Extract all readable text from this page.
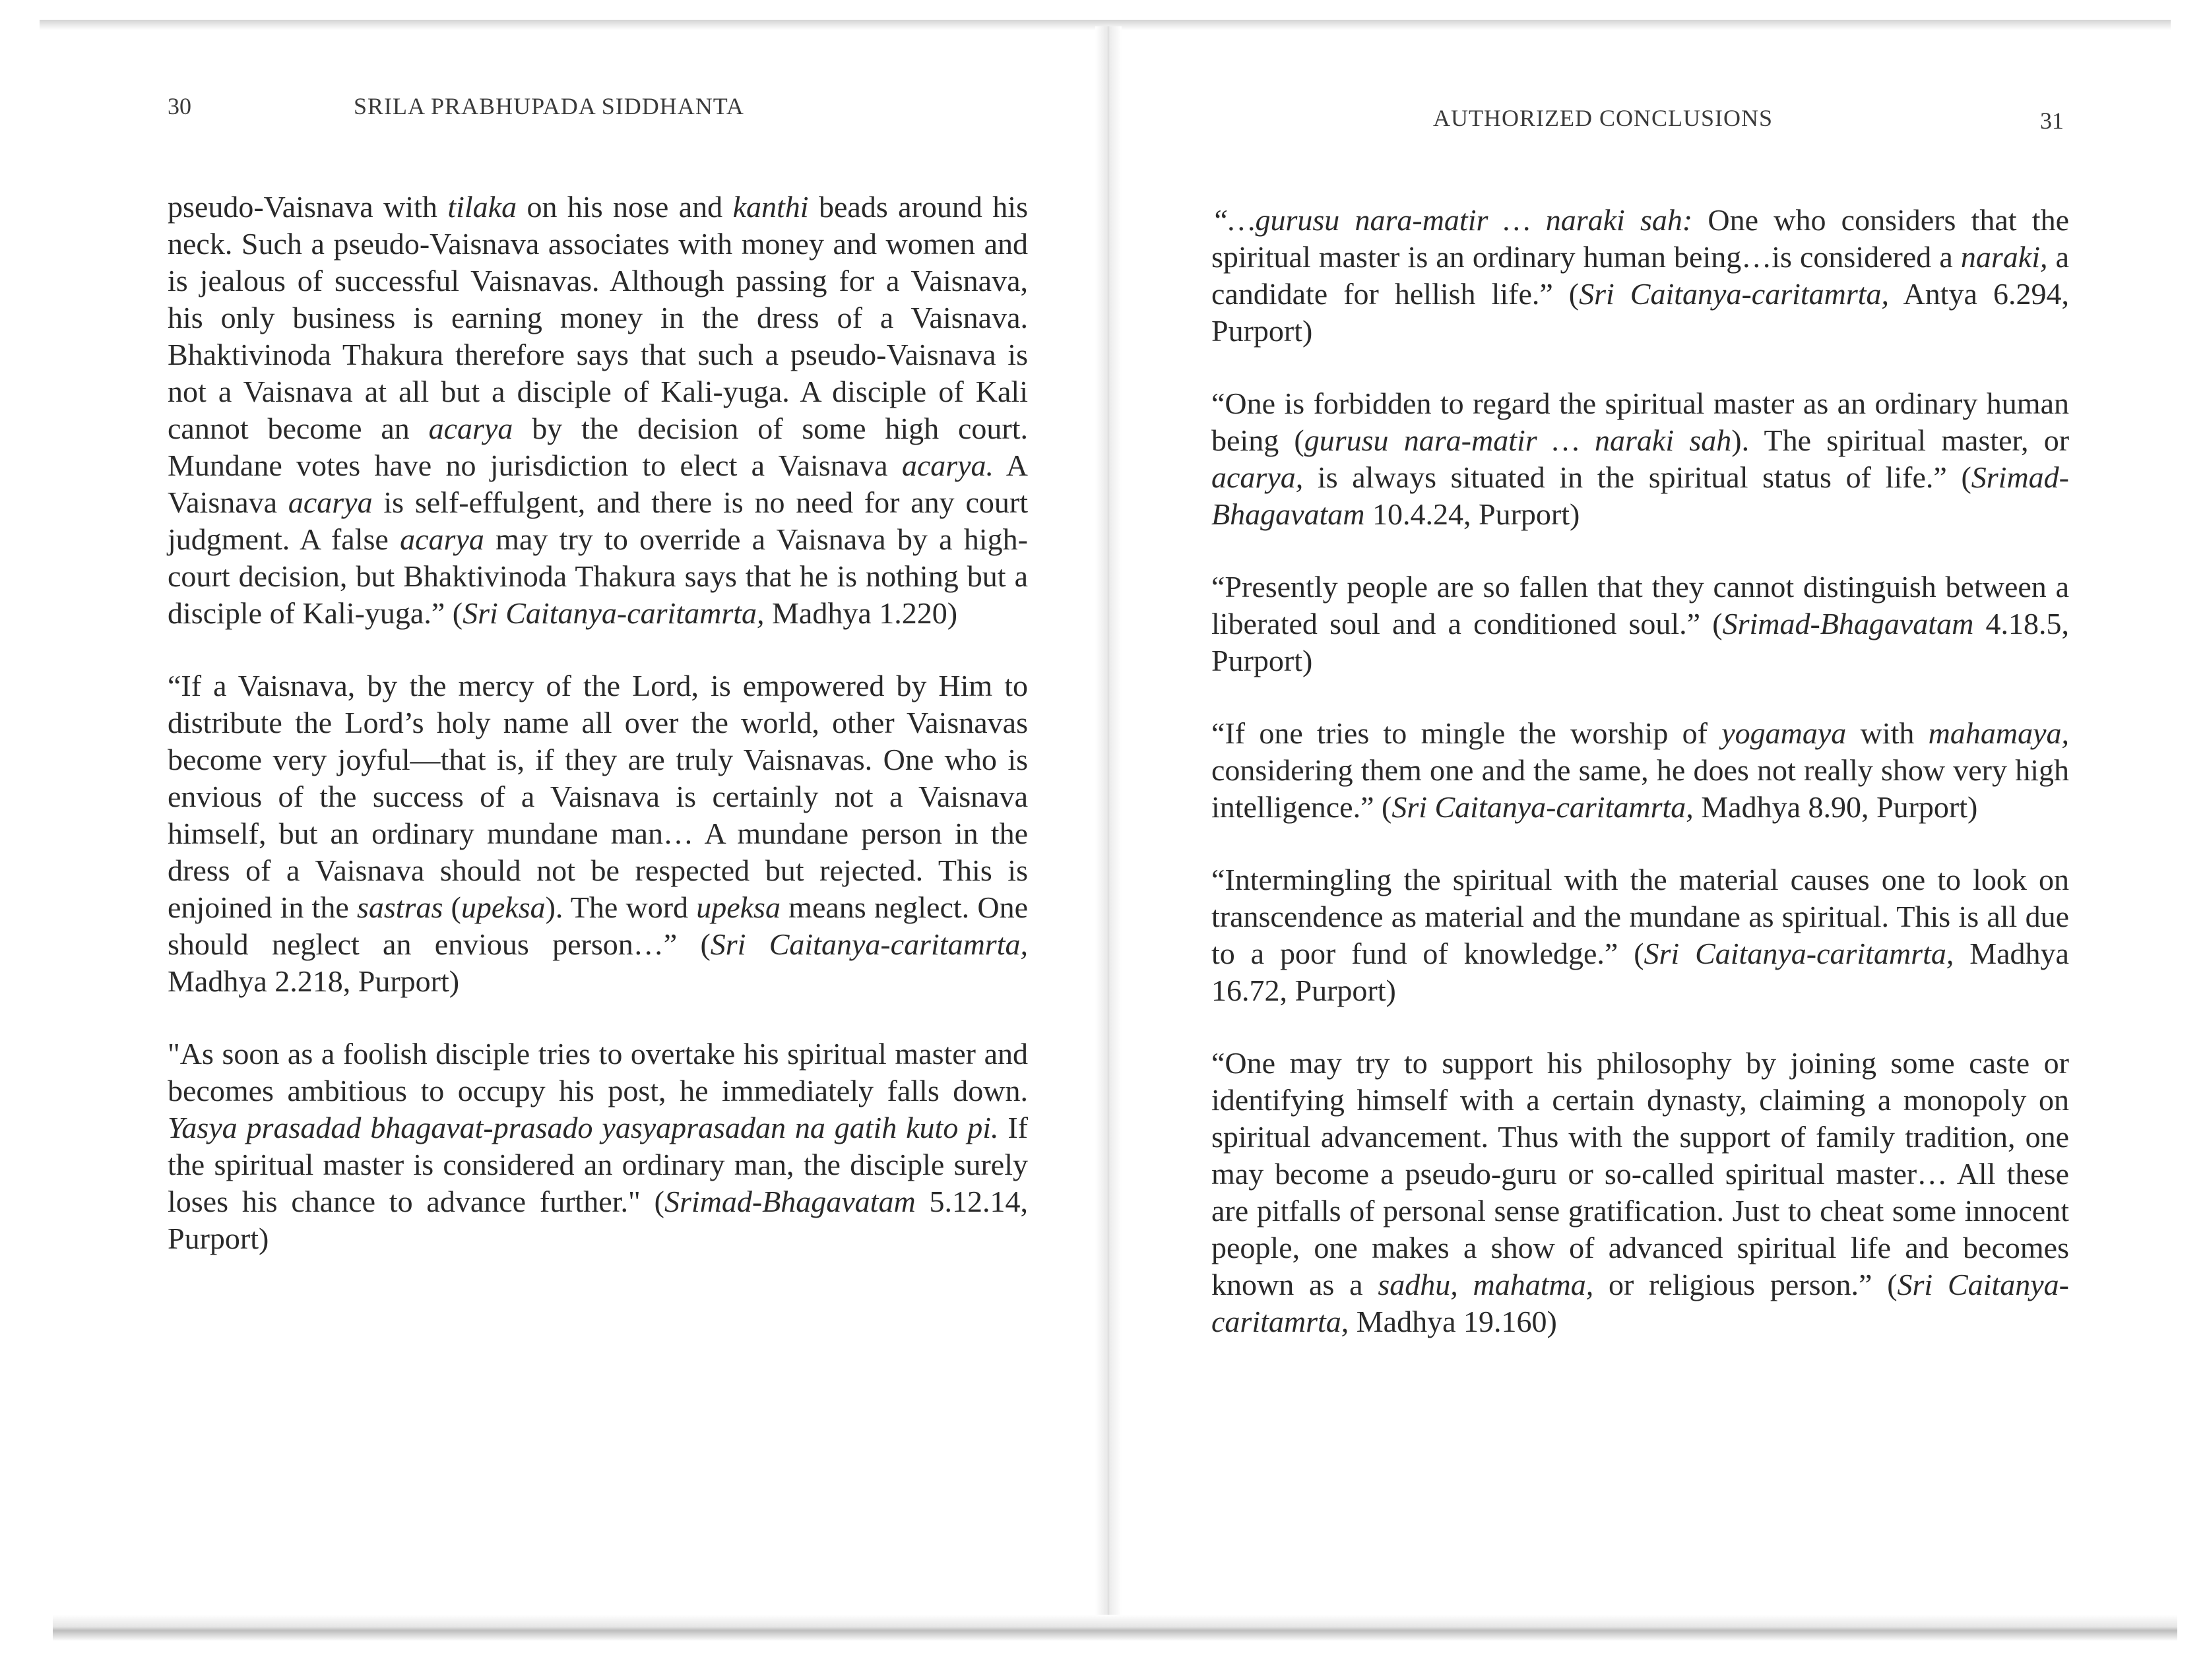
30	SRILA PRABHUPADA SIDDHANTA

pseudo-Vaisnava with tilaka on his nose and kanthi beads around his neck. Such a pseudo-Vaisnava associates with money and women and is jealous of successful Vaisnavas. Although passing for a Vaisnava, his only business is earning money in the dress of a Vaisnava. Bhaktivinoda Thakura therefore says that such a pseudo-Vaisnava is not a Vaisnava at all but a disciple of Kali-yuga. A disciple of Kali cannot become an acarya by the decision of some high court. Mundane votes have no jurisdiction to elect a Vaisnava acarya. A Vaisnava acarya is self-effulgent, and there is no need for any court judgment. A false acarya may try to override a Vaisnava by a high-court decision, but Bhaktivinoda Thakura says that he is nothing but a disciple of Kali-yuga.” (Sri Caitanya-caritamrta, Madhya 1.220)

“If a Vaisnava, by the mercy of the Lord, is empowered by Him to distribute the Lord’s holy name all over the world, other Vaisnavas become very joyful—that is, if they are truly Vaisnavas. One who is envious of the success of a Vaisnava is certainly not a Vaisnava himself, but an ordinary mundane man… A mundane person in the dress of a Vaisnava should not be respected but rejected. This is enjoined in the sastras (upeksa). The word upeksa means neglect. One should neglect an envious person…” (Sri Caitanya-caritamrta, Madhya 2.218, Purport)

"As soon as a foolish disciple tries to overtake his spiritual master and becomes ambitious to occupy his post, he immediately falls down. Yasya prasadad bhagavat-prasado yasyaprasadan na gatih kuto pi. If the spiritual master is considered an ordinary man, the disciple surely loses his chance to advance further." (Srimad-Bhagavatam 5.12.14, Purport)

AUTHORIZED CONCLUSIONS	31

“…gurusu nara-matir … naraki sah: One who considers that the spiritual master is an ordinary human being…is considered a naraki, a candidate for hellish life.” (Sri Caitanya-caritamrta, Antya 6.294, Purport)

“One is forbidden to regard the spiritual master as an ordinary human being (gurusu nara-matir … naraki sah). The spiritual master, or acarya, is always situated in the spiritual status of life.” (Srimad-Bhagavatam 10.4.24, Purport)

“Presently people are so fallen that they cannot distinguish between a liberated soul and a conditioned soul.” (Srimad-Bhagavatam 4.18.5, Purport)

“If one tries to mingle the worship of yogamaya with mahamaya, considering them one and the same, he does not really show very high intelligence.” (Sri Caitanya-caritamrta, Madhya 8.90, Purport)

“Intermingling the spiritual with the material causes one to look on transcendence as material and the mundane as spiritual. This is all due to a poor fund of knowledge.” (Sri Caitanya-caritamrta, Madhya 16.72, Purport)

“One may try to support his philosophy by joining some caste or identifying himself with a certain dynasty, claiming a monopoly on spiritual advancement. Thus with the support of family tradition, one may become a pseudo-guru or so-called spiritual master… All these are pitfalls of personal sense gratification. Just to cheat some innocent people, one makes a show of advanced spiritual life and becomes known as a sadhu, mahatma, or religious person.” (Sri Caitanya-caritamrta, Madhya 19.160)
